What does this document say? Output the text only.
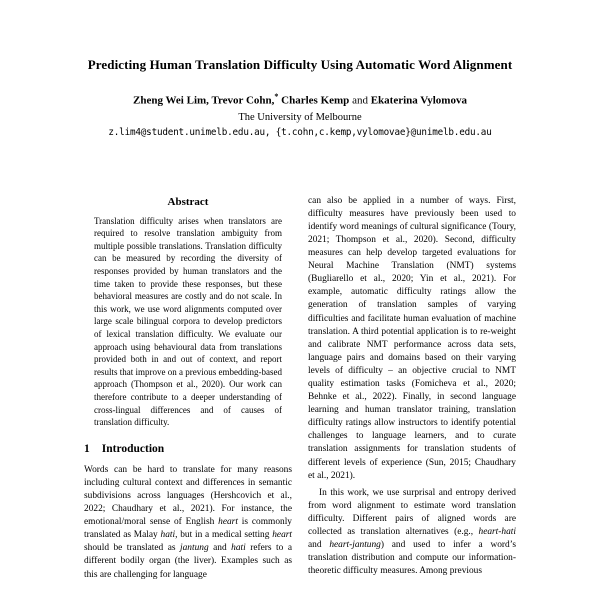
Predicting Human Translation Difficulty Using Automatic Word Alignment
Zheng Wei Lim, Trevor Cohn,* Charles Kemp and Ekaterina Vylomova
The University of Melbourne
z.lim4@student.unimelb.edu.au, {t.cohn,c.kemp,vylomovae}@unimelb.edu.au
Abstract

Translation difficulty arises when translators are required to resolve translation ambiguity from multiple possible translations. Translation difficulty can be measured by recording the diversity of responses provided by human translators and the time taken to provide these responses, but these behavioral measures are costly and do not scale. In this work, we use word alignments computed over large scale bilingual corpora to develop predictors of lexical translation difficulty. We evaluate our approach using behavioural data from translations provided both in and out of context, and report results that improve on a previous embedding-based approach (Thompson et al., 2020). Our work can therefore contribute to a deeper understanding of cross-lingual differences and of causes of translation difficulty.

1 Introduction

Words can be hard to translate for many reasons including cultural context and differences in semantic subdivisions across languages (Hershcovich et al., 2022; Chaudhary et al., 2021). For instance, the emotional/moral sense of English heart is commonly translated as Malay hati, but in a medical setting heart should be translated as jantung and hati refers to a different bodily organ (the liver). Examples such as this are challenging for language

can also be applied in a number of ways. First, difficulty measures have previously been used to identify word meanings of cultural significance (Toury, 2021; Thompson et al., 2020). Second, difficulty measures can help develop targeted evaluations for Neural Machine Translation (NMT) systems (Bugliarello et al., 2020; Yin et al., 2021). For example, automatic difficulty ratings allow the generation of translation samples of varying difficulties and facilitate human evaluation of machine translation. A third potential application is to re-weight and calibrate NMT performance across data sets, language pairs and domains based on their varying levels of difficulty – an objective crucial to NMT quality estimation tasks (Fomicheva et al., 2020; Behnke et al., 2022). Finally, in second language learning and human translator training, translation difficulty ratings allow instructors to identify potential challenges to language learners, and to curate translation assignments for translation students of different levels of experience (Sun, 2015; Chaudhary et al., 2021).

In this work, we use surprisal and entropy derived from word alignment to estimate word translation difficulty. Different pairs of aligned words are collected as translation alternatives (e.g., heart-hati and heart-jantung) and used to infer a word’s translation distribution and compute our information-theoretic difficulty measures. Among previous
